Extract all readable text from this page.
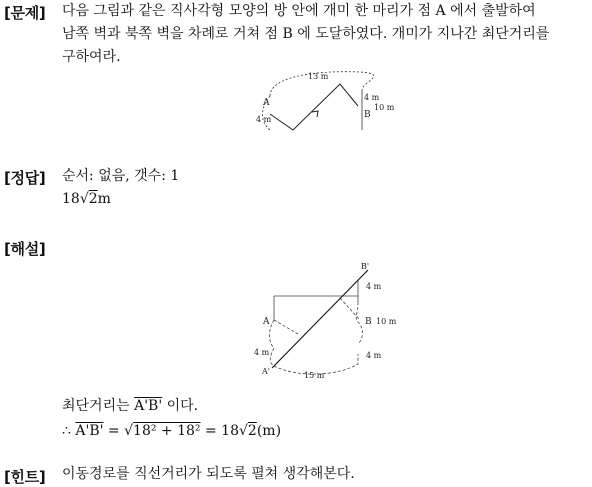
[문제] 다음 그림과 같은 직사각형 모양의 방 안에 개미 한 마리가 점 A 에서 출발하여
남쪽 벽과 북쪽 벽을 차례로 거쳐 점 B 에 도달하였다. 개미가 지나간 최단거리를
구하여라.
13 m
A
4 m
4 m
10 m
B
[정답] 순서: 없음, 갯수: 1
18√2m
[해설]
B'
4 m
A	B 10 m
4 m	4 m
A'	15 m
최단거리는 A'B' 이다.
∴ A'B' = √18² + 18² = 18√2(m)
[힌트] 이동경로를 직선거리가 되도록 펼쳐 생각해본다.
